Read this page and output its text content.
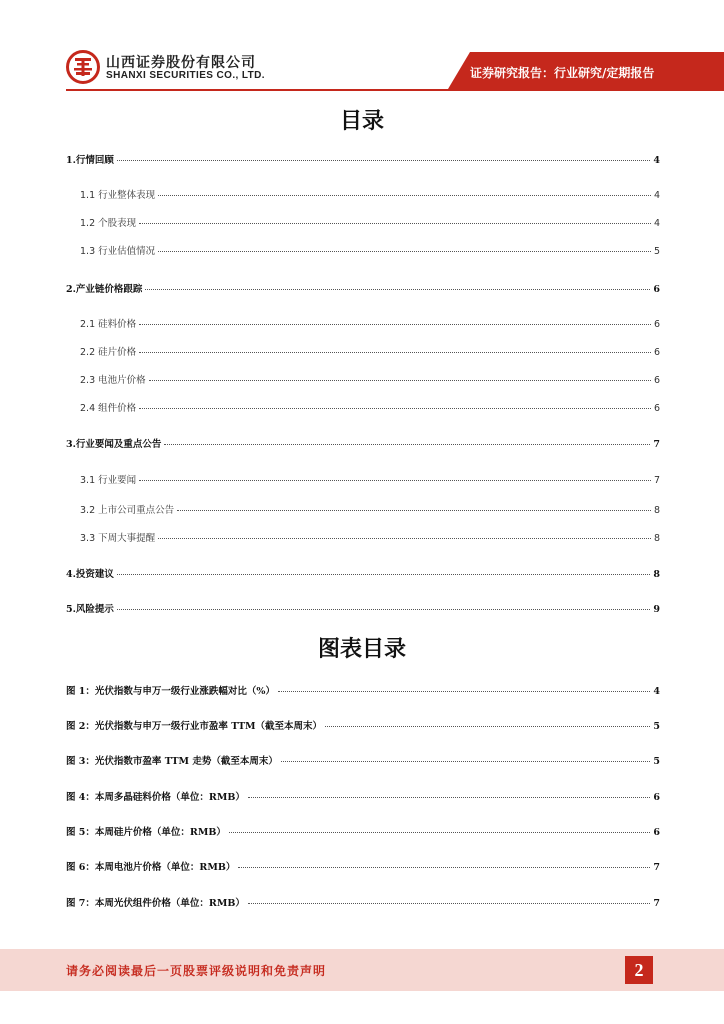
山西证券股份有限公司
SHANXI SECURITIES CO., LTD.	证券研究报告：行业研究/定期报告
目录
1.行情回顾	4
1.1 行业整体表现	4
1.2 个股表现	4
1.3 行业估值情况	5
2.产业链价格跟踪	6
2.1 硅料价格	6
2.2 硅片价格	6
2.3 电池片价格	6
2.4 组件价格	6
3.行业要闻及重点公告	7
3.1 行业要闻	7
3.2 上市公司重点公告	8
3.3 下周大事提醒	8
4.投资建议	8
5.风险提示	9
图表目录
图 1：光伏指数与申万一级行业涨跌幅对比（%）	4
图 2：光伏指数与申万一级行业市盈率 TTM（截至本周末）	5
图 3：光伏指数市盈率 TTM 走势（截至本周末）	5
图 4：本周多晶硅料价格（单位：RMB）	6
图 5：本周硅片价格（单位：RMB）	6
图 6：本周电池片价格（单位：RMB）	7
图 7：本周光伏组件价格（单位：RMB）	7
请务必阅读最后一页股票评级说明和免责声明	2
